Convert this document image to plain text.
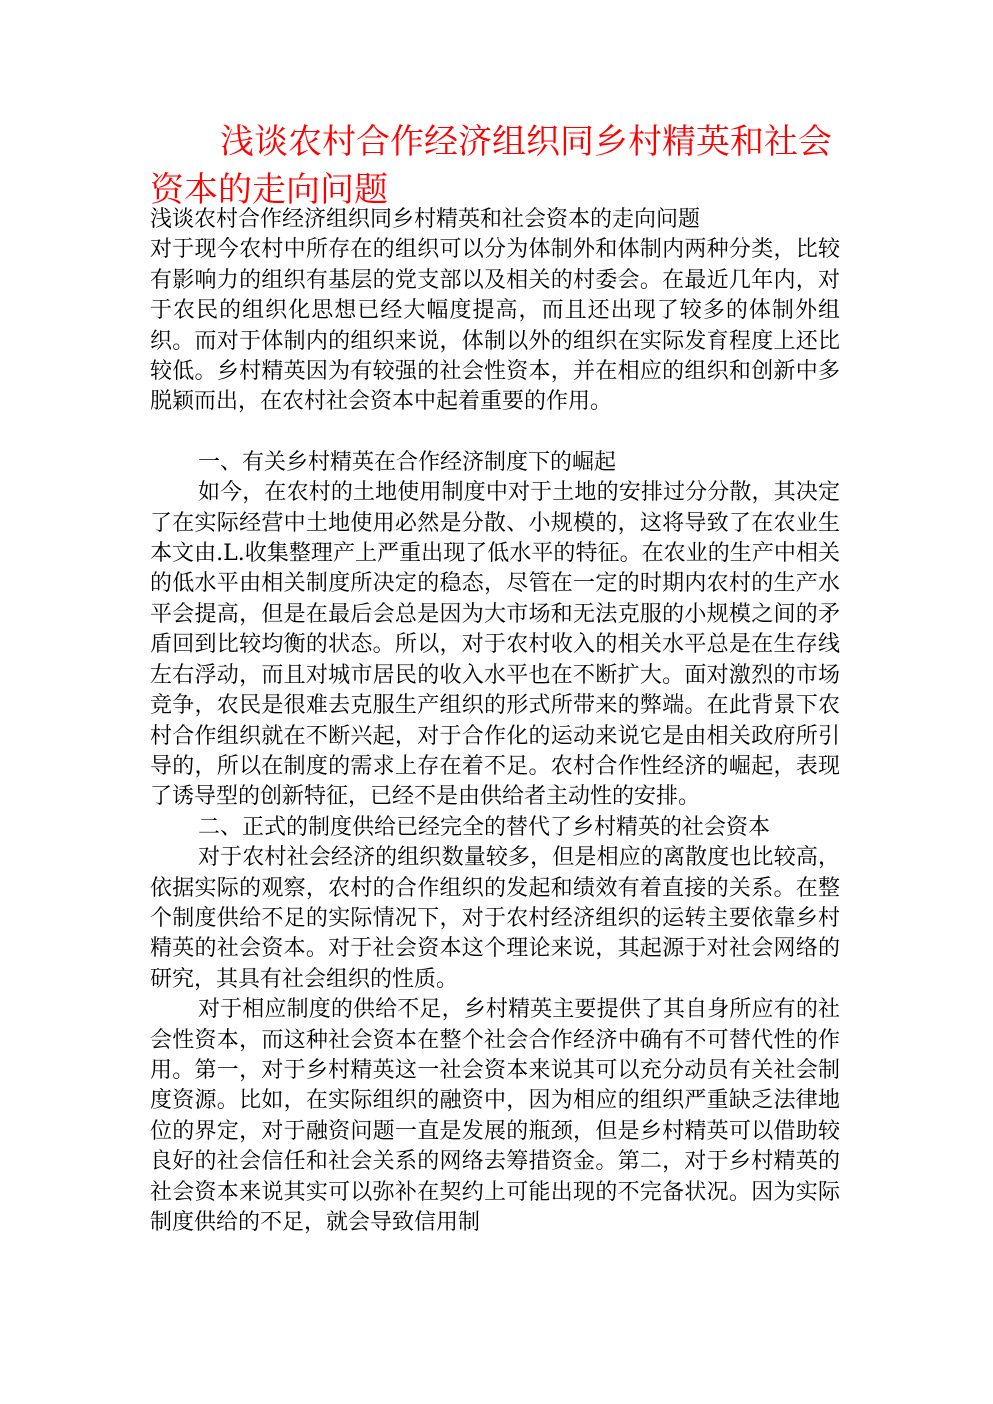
浅谈农村合作经济组织同乡村精英和社会资本的走向问题

浅谈农村合作经济组织同乡村精英和社会资本的走向问题

对于现今农村中所存在的组织可以分为体制外和体制内两种分类，比较有影响力的组织有基层的党支部以及相关的村委会。在最近几年内，对于农民的组织化思想已经大幅度提高，而且还出现了较多的体制外组织。而对于体制内的组织来说，体制以外的组织在实际发育程度上还比较低。乡村精英因为有较强的社会性资本，并在相应的组织和创新中多脱颖而出，在农村社会资本中起着重要的作用。

一、有关乡村精英在合作经济制度下的崛起

如今，在农村的土地使用制度中对于土地的安排过分分散，其决定了在实际经营中土地使用必然是分散、小规模的，这将导致了在农业生本文由.L.收集整理产上严重出现了低水平的特征。在农业的生产中相关的低水平由相关制度所决定的稳态，尽管在一定的时期内农村的生产水平会提高，但是在最后会总是因为大市场和无法克服的小规模之间的矛盾回到比较均衡的状态。所以，对于农村收入的相关水平总是在生存线左右浮动，而且对城市居民的收入水平也在不断扩大。面对激烈的市场竞争，农民是很难去克服生产组织的形式所带来的弊端。在此背景下农村合作组织就在不断兴起，对于合作化的运动来说它是由相关政府所引导的，所以在制度的需求上存在着不足。农村合作性经济的崛起，表现了诱导型的创新特征，已经不是由供给者主动性的安排。

二、正式的制度供给已经完全的替代了乡村精英的社会资本

对于农村社会经济的组织数量较多，但是相应的离散度也比较高，依据实际的观察，农村的合作组织的发起和绩效有着直接的关系。在整个制度供给不足的实际情况下，对于农村经济组织的运转主要依靠乡村精英的社会资本。对于社会资本这个理论来说，其起源于对社会网络的研究，其具有社会组织的性质。

对于相应制度的供给不足，乡村精英主要提供了其自身所应有的社会性资本，而这种社会资本在整个社会合作经济中确有不可替代性的作用。第一，对于乡村精英这一社会资本来说其可以充分动员有关社会制度资源。比如，在实际组织的融资中，因为相应的组织严重缺乏法律地位的界定，对于融资问题一直是发展的瓶颈，但是乡村精英可以借助较良好的社会信任和社会关系的网络去筹措资金。第二，对于乡村精英的社会资本来说其实可以弥补在契约上可能出现的不完备状况。因为实际制度供给的不足，就会导致信用制
